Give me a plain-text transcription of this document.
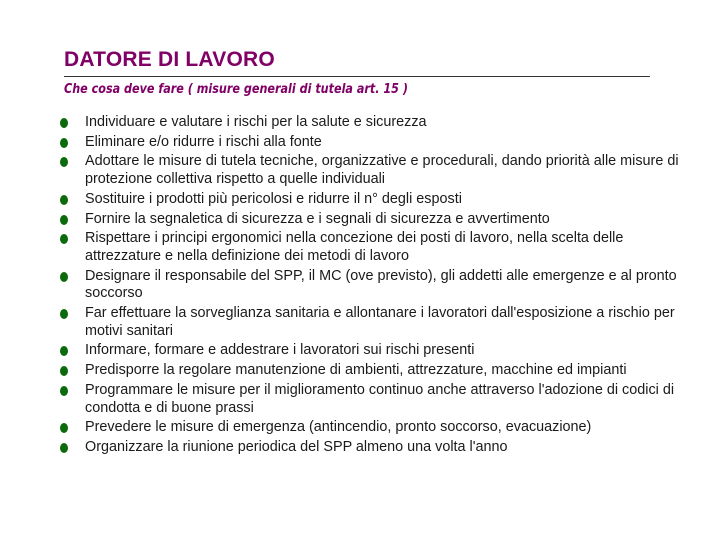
DATORE DI LAVORO
Che cosa deve fare ( misure generali di tutela art. 15 )
Individuare e valutare i rischi per la salute e sicurezza
Eliminare e/o ridurre i rischi alla fonte
Adottare le misure di tutela tecniche, organizzative e procedurali, dando priorità alle misure di protezione collettiva rispetto a quelle individuali
Sostituire i prodotti più pericolosi e ridurre il n° degli esposti
Fornire la segnaletica di sicurezza e i segnali di sicurezza e avvertimento
Rispettare i principi ergonomici nella concezione dei posti di lavoro, nella scelta delle attrezzature e nella definizione dei metodi di lavoro
Designare il responsabile del SPP, il MC (ove previsto), gli addetti alle emergenze e al pronto soccorso
Far effettuare la sorveglianza sanitaria e allontanare i lavoratori dall'esposizione a rischio per motivi sanitari
Informare, formare e addestrare i lavoratori sui rischi presenti
Predisporre la regolare manutenzione di ambienti, attrezzature, macchine ed impianti
Programmare le misure per il miglioramento continuo anche attraverso l'adozione di codici di condotta e di buone prassi
Prevedere le misure di emergenza (antincendio, pronto soccorso, evacuazione)
Organizzare la riunione periodica del SPP almeno una volta l'anno
